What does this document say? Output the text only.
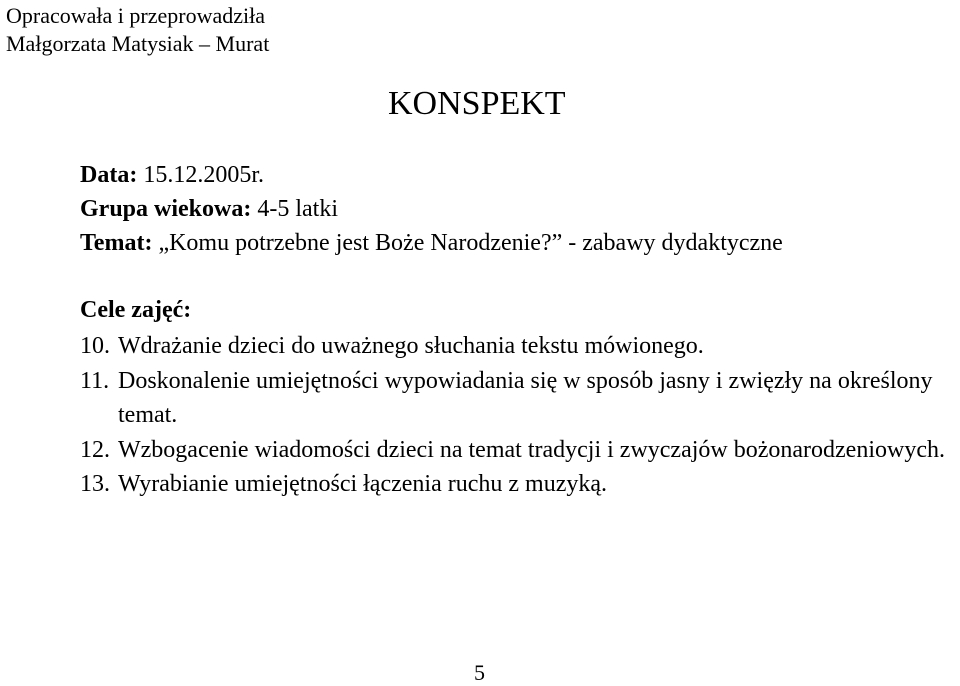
Opracowała i przeprowadziła
Małgorzata Matysiak – Murat
KONSPEKT
Data: 15.12.2005r.
Grupa wiekowa: 4-5 latki
Temat: „Komu potrzebne jest Boże Narodzenie?” - zabawy dydaktyczne
Cele zajęć:
10. Wdrażanie dzieci do uważnego słuchania tekstu mówionego.
11. Doskonalenie umiejętności wypowiadania się w sposób jasny i zwięzły na określony temat.
12. Wzbogacenie wiadomości dzieci na temat tradycji i zwyczajów bożonarodzeniowych.
13. Wyrabianie umiejętności łączenia ruchu z muzyką.
5
